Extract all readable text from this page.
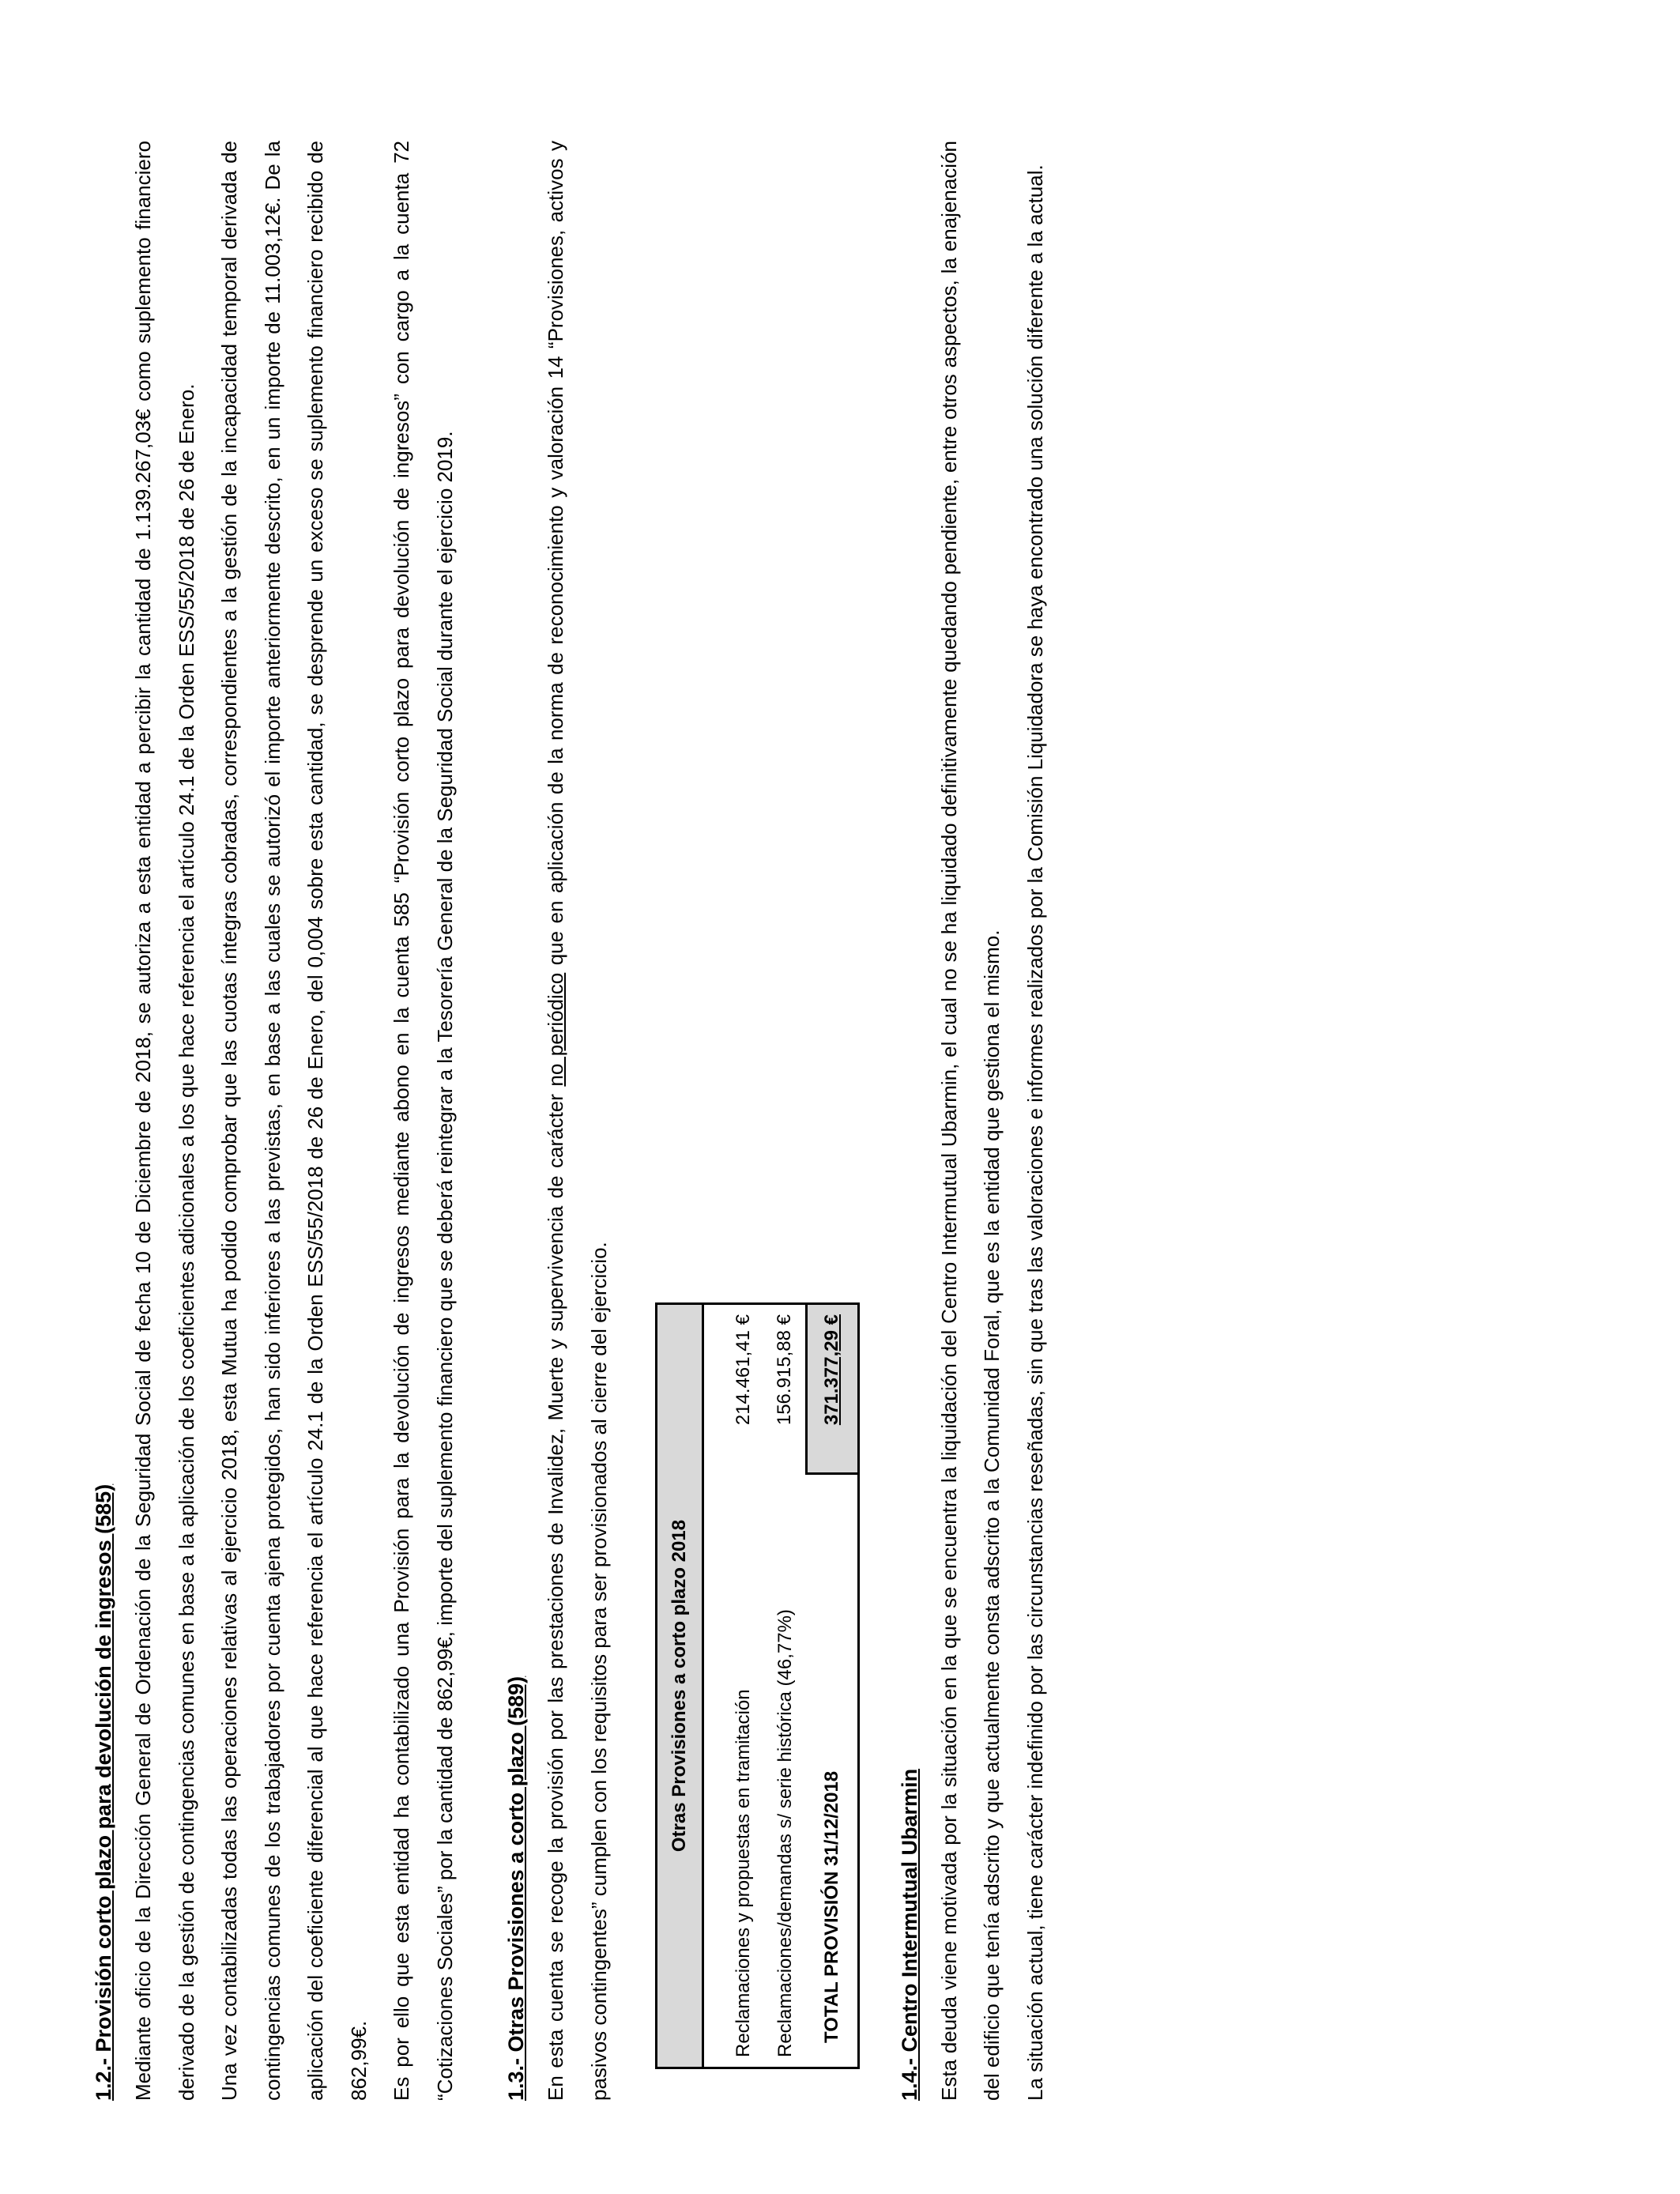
1.2.- Provisión corto plazo para devolución de ingresos (585) Mediante oficio de la Dirección General de Ordenación de la Seguridad Social de fecha 10 de Diciembre de 2018, se autoriza a esta entidad a percibir la cantidad de 1.139.267,03€ como suplemento financiero derivado de la gestión de contingencias comunes en base a la aplicación de los coeficientes adicionales a los que hace referencia el artículo 24.1 de la Orden ESS/55/2018 de 26 de Enero. Una vez contabilizadas todas las operaciones relativas al ejercicio 2018, esta Mutua ha podido comprobar que las cuotas íntegras cobradas, correspondientes a la gestión de la incapacidad temporal derivada de contingencias comunes de los trabajadores por cuenta ajena protegidos, han sido inferiores a las previstas, en base a las cuales se autorizó el importe anteriormente descrito, en un importe de 11.003,12€. De la aplicación del coeficiente diferencial al que hace referencia el artículo 24.1 de la Orden ESS/55/2018 de 26 de Enero, del 0,004 sobre esta cantidad, se desprende un exceso se suplemento financiero recibido de 862,99€. Es por ello que esta entidad ha contabilizado una Provisión para la devolución de ingresos mediante abono en la cuenta 585 “Provisión corto plazo para devolución de ingresos” con cargo a la cuenta 72 “Cotizaciones Sociales” por la cantidad de 862,99€, importe del suplemento financiero que se deberá reintegrar a la Tesorería General de la Seguridad Social durante el ejercicio 2019.	1.3.- Otras Provisiones a corto plazo (589) En esta cuenta se recoge la provisión por las prestaciones de Invalidez, Muerte y supervivencia de carácter no periódico que en aplicación de la norma de reconocimiento y valoración 14 “Provisiones, activos y pasivos contingentes” cumplen con los requisitos para ser provisionados al cierre del ejercicio.	Otras Provisiones a corto plazo 2018	

Reclamaciones y propuestas en tramitación	214.461,41 €
Reclamaciones/demandas s/ serie histórica (46,77%)	156.915,88 €
TOTAL PROVISIÓN 31/12/2018	371.377,29 €
1.4.- Centro Intermutual Ubarmin Esta deuda viene motivada por la situación en la que se encuentra la liquidación del Centro Intermutual Ubarmin, el cual no se ha liquidado definitivamente quedando pendiente, entre otros aspectos, la enajenación del edificio que tenía adscrito y que actualmente consta adscrito a la Comunidad Foral, que es la entidad que gestiona el mismo. La situación actual, tiene carácter indefinido por las circunstancias reseñadas, sin que tras las valoraciones e informes realizados por la Comisión Liquidadora se haya encontrado una solución diferente a la actual.
